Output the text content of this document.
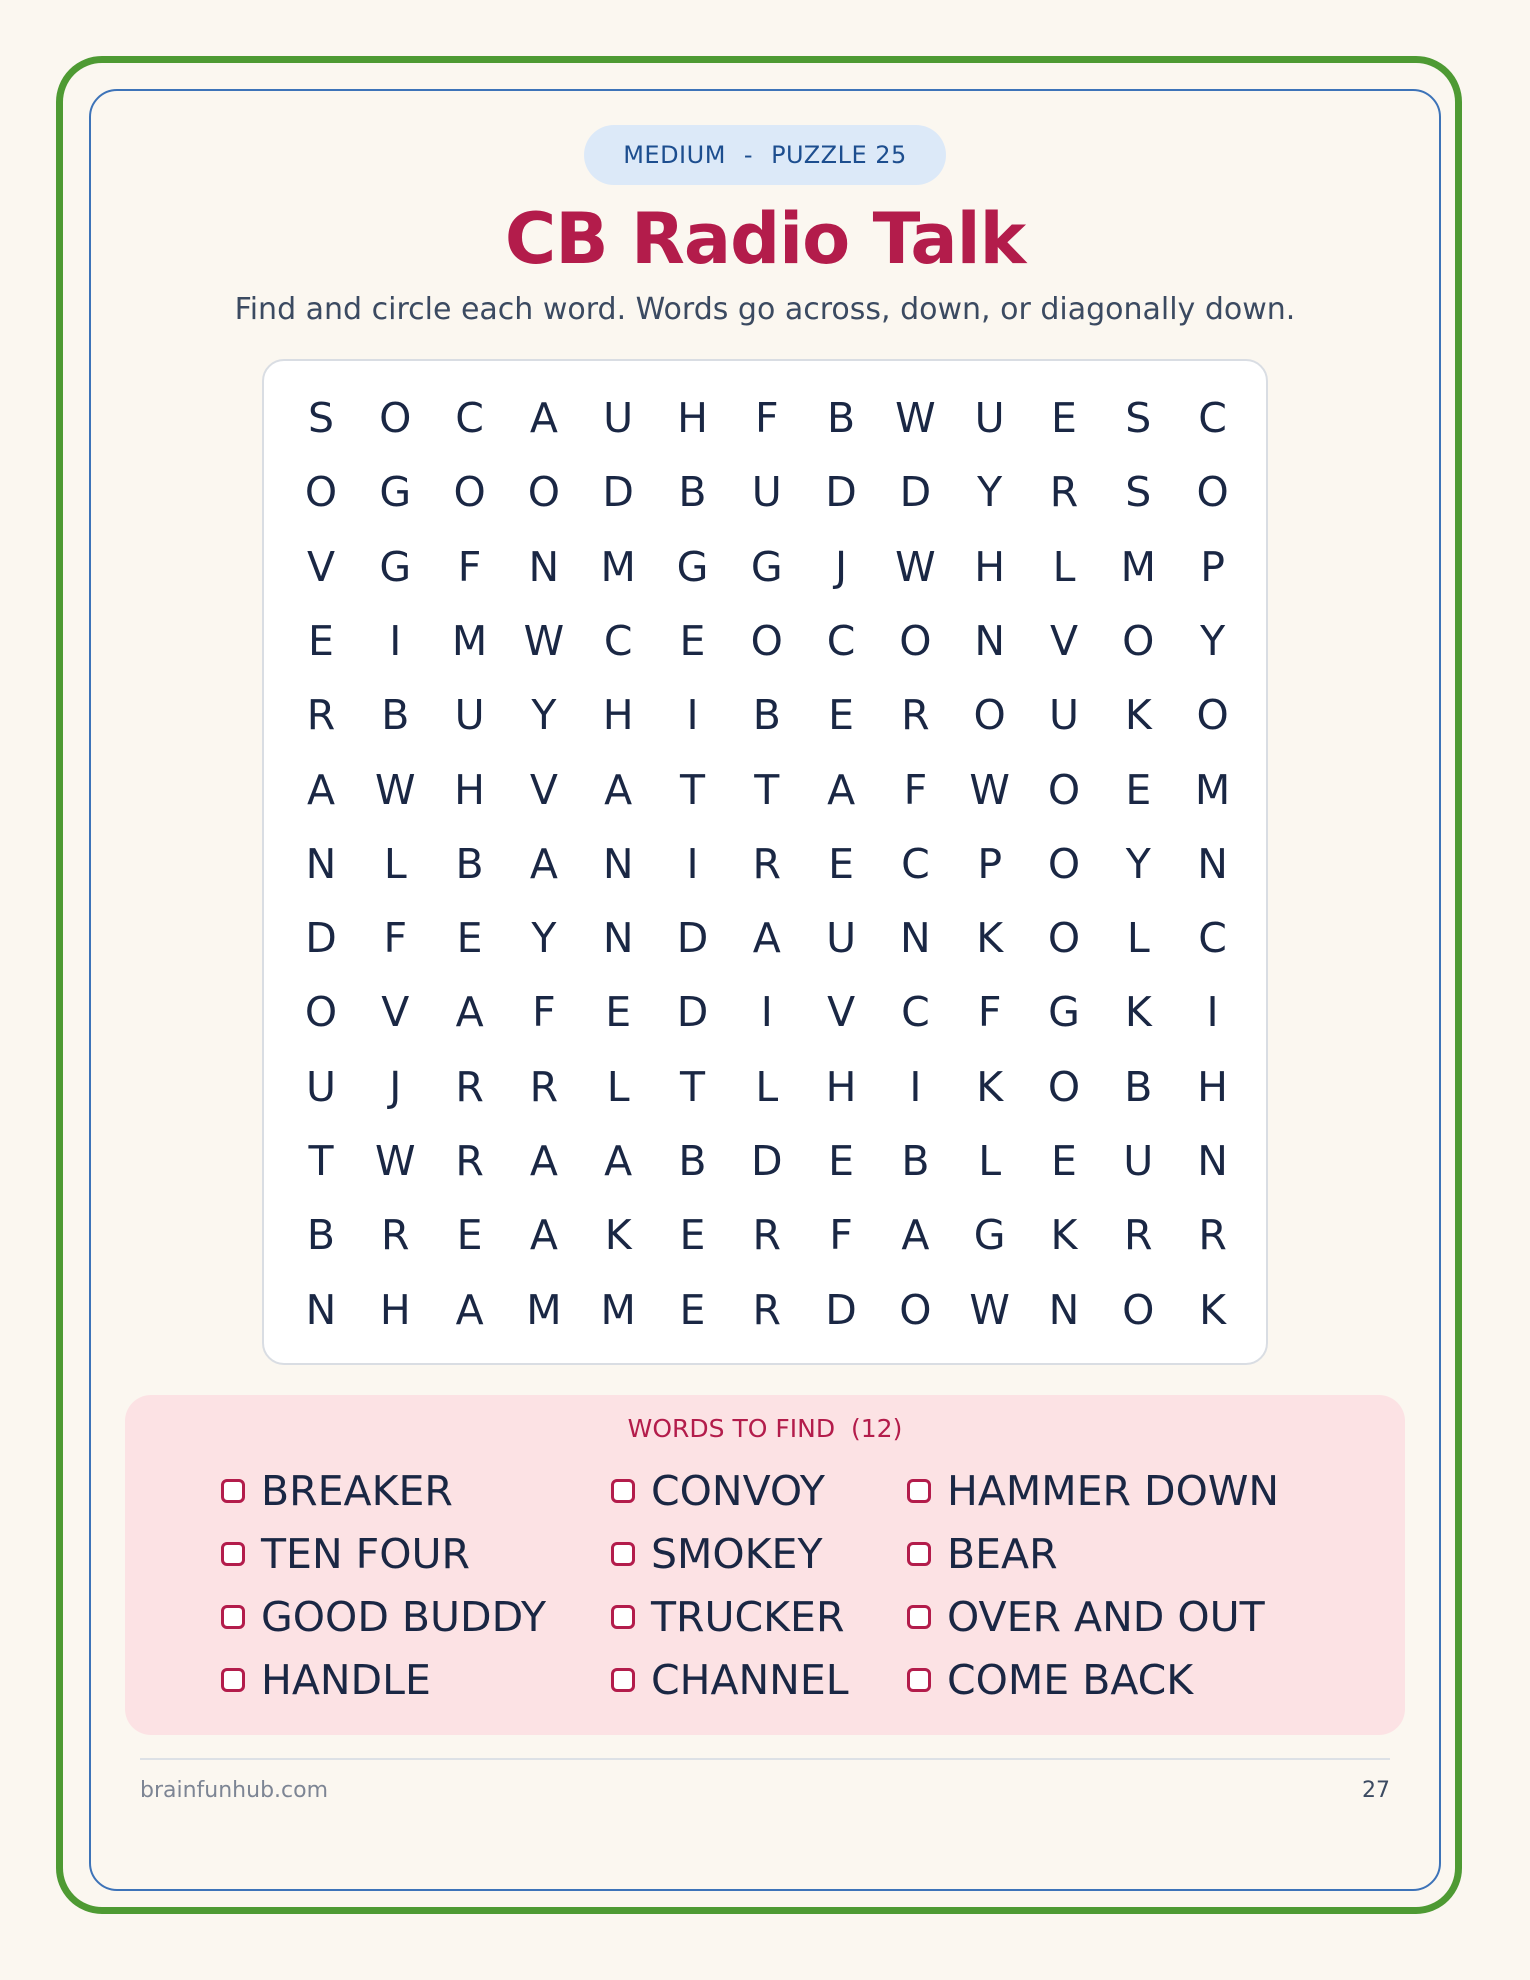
MEDIUM - PUZZLE 25
CB Radio Talk
Find and circle each word. Words go across, down, or diagonally down.
S	O	C	A	U	H	F	B W U	E	S	C
O	G	O	O	D	B	U	D	D	Y	R	S	O
V	G	F	N	M G	G	J	W H	L	M	P
E	I	M W C	E	O	C	O	N	V	O	Y
R	B	U	Y	H	I	B	E	R	O	U	K	O
A W H	V	A	T	T	A	F	W O	E	M
N	L	B	A	N	I	R	E	C	P	O	Y	N
D	F	E	Y	N	D	A	U	N	K	O	L	C
O	V	A	F	E	D	I	V	C	F	G	K	I
U	J	R	R	L	T	L	H	I	K	O	B	H
T	W R	A	A	B	D	E	B	L	E	U	N
B	R	E	A	K	E	R	F	A	G	K	R	R
N	H	A	M M	E	R	D	O W N	O	K
WORDS TO FIND (12)
BREAKER
TEN FOUR
GOOD BUDDY
HANDLE
CONVOY
SMOKEY
TRUCKER
CHANNEL
HAMMER DOWN
BEAR
OVER AND OUT
COME BACK
brainfunhub.com	27
